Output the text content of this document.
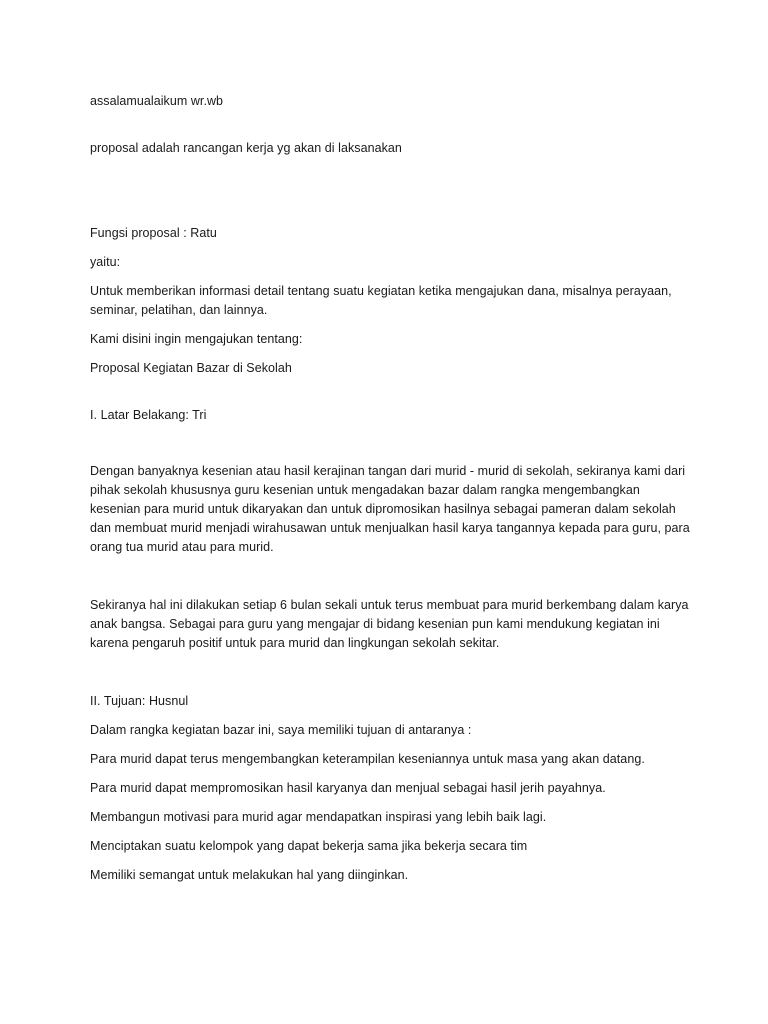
assalamualaikum wr.wb

proposal adalah rancangan kerja yg akan di laksanakan

Fungsi proposal : Ratu

yaitu:

Untuk memberikan informasi detail tentang suatu kegiatan ketika mengajukan dana, misalnya perayaan, seminar, pelatihan, dan lainnya.

Kami disini ingin mengajukan tentang:

Proposal Kegiatan Bazar di Sekolah

I. Latar Belakang: Tri

Dengan banyaknya kesenian atau hasil kerajinan tangan dari murid - murid di sekolah, sekiranya kami dari pihak sekolah khususnya guru kesenian untuk mengadakan bazar dalam rangka mengembangkan kesenian para murid untuk dikaryakan dan untuk dipromosikan hasilnya sebagai pameran dalam sekolah dan membuat murid menjadi wirahusawan untuk menjualkan hasil karya tangannya kepada para guru, para orang tua murid atau para murid.

Sekiranya hal ini dilakukan setiap 6 bulan sekali untuk terus membuat para murid berkembang dalam karya anak bangsa. Sebagai para guru yang mengajar di bidang kesenian pun kami mendukung kegiatan ini karena pengaruh positif untuk para murid dan lingkungan sekolah sekitar.

II. Tujuan: Husnul

Dalam rangka kegiatan bazar ini, saya memiliki tujuan di antaranya :

Para murid dapat terus mengembangkan keterampilan keseniannya untuk masa yang akan datang.

Para murid dapat mempromosikan hasil karyanya dan menjual sebagai hasil jerih payahnya.

Membangun motivasi para murid agar mendapatkan inspirasi yang lebih baik lagi.

Menciptakan suatu kelompok yang dapat bekerja sama jika bekerja secara tim

Memiliki semangat untuk melakukan hal yang diinginkan.
